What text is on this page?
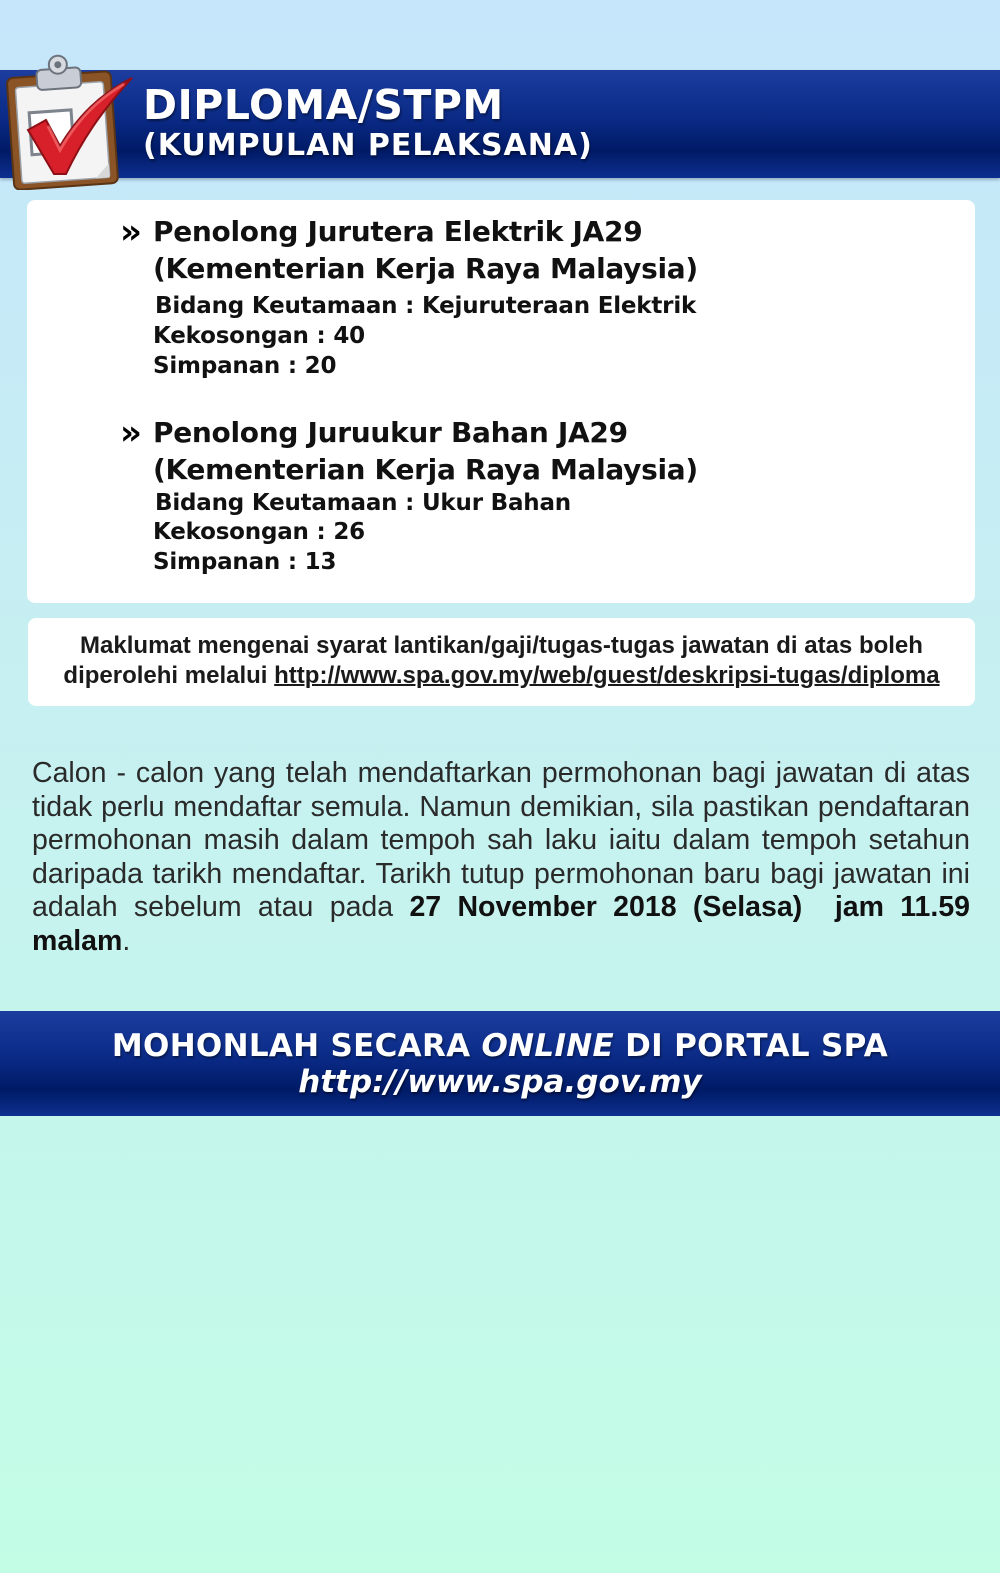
DIPLOMA/STPM
(KUMPULAN PELAKSANA)
» Penolong Jurutera Elektrik JA29
(Kementerian Kerja Raya Malaysia)
Bidang Keutamaan : Kejuruteraan Elektrik
Kekosongan : 40
Simpanan : 20
» Penolong Juruukur Bahan JA29
(Kementerian Kerja Raya Malaysia)
Bidang Keutamaan : Ukur Bahan
Kekosongan : 26
Simpanan : 13
Maklumat mengenai syarat lantikan/gaji/tugas-tugas jawatan di atas boleh
diperolehi melalui http://www.spa.gov.my/web/guest/deskripsi-tugas/diploma
Calon - calon yang telah mendaftarkan permohonan bagi jawatan di atas tidak perlu mendaftar semula. Namun demikian, sila pastikan pendaftaran permohonan masih dalam tempoh sah laku iaitu dalam tempoh setahun daripada tarikh mendaftar. Tarikh tutup permohonan baru bagi jawatan ini adalah sebelum atau pada 27 November 2018 (Selasa) jam 11.59 malam.
MOHONLAH SECARA ONLINE DI PORTAL SPA
http://www.spa.gov.my
